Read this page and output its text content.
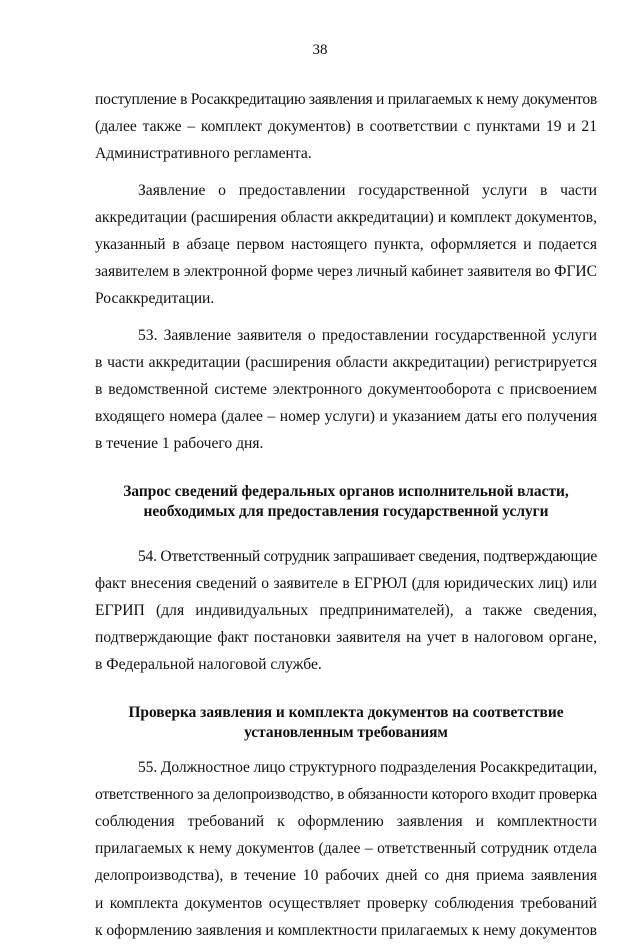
38
поступление в Росаккредитацию заявления и прилагаемых к нему документов
(далее также – комплект документов) в соответствии с пунктами 19 и 21
Административного регламента.
Заявление о предоставлении государственной услуги в части
аккредитации (расширения области аккредитации) и комплект документов,
указанный в абзаце первом настоящего пункта, оформляется и подается
заявителем в электронной форме через личный кабинет заявителя во ФГИС
Росаккредитации.
53. Заявление заявителя о предоставлении государственной услуги
в части аккредитации (расширения области аккредитации) регистрируется
в ведомственной системе электронного документооборота с присвоением
входящего номера (далее – номер услуги) и указанием даты его получения
в течение 1 рабочего дня.
Запрос сведений федеральных органов исполнительной власти,
необходимых для предоставления государственной услуги
54. Ответственный сотрудник запрашивает сведения, подтверждающие
факт внесения сведений о заявителе в ЕГРЮЛ (для юридических лиц) или
ЕГРИП (для индивидуальных предпринимателей), а также сведения,
подтверждающие факт постановки заявителя на учет в налоговом органе,
в Федеральной налоговой службе.
Проверка заявления и комплекта документов на соответствие
установленным требованиям
55. Должностное лицо структурного подразделения Росаккредитации,
ответственного за делопроизводство, в обязанности которого входит проверка
соблюдения требований к оформлению заявления и комплектности
прилагаемых к нему документов (далее – ответственный сотрудник отдела
делопроизводства), в течение 10 рабочих дней со дня приема заявления
и комплекта документов осуществляет проверку соблюдения требований
к оформлению заявления и комплектности прилагаемых к нему документов
